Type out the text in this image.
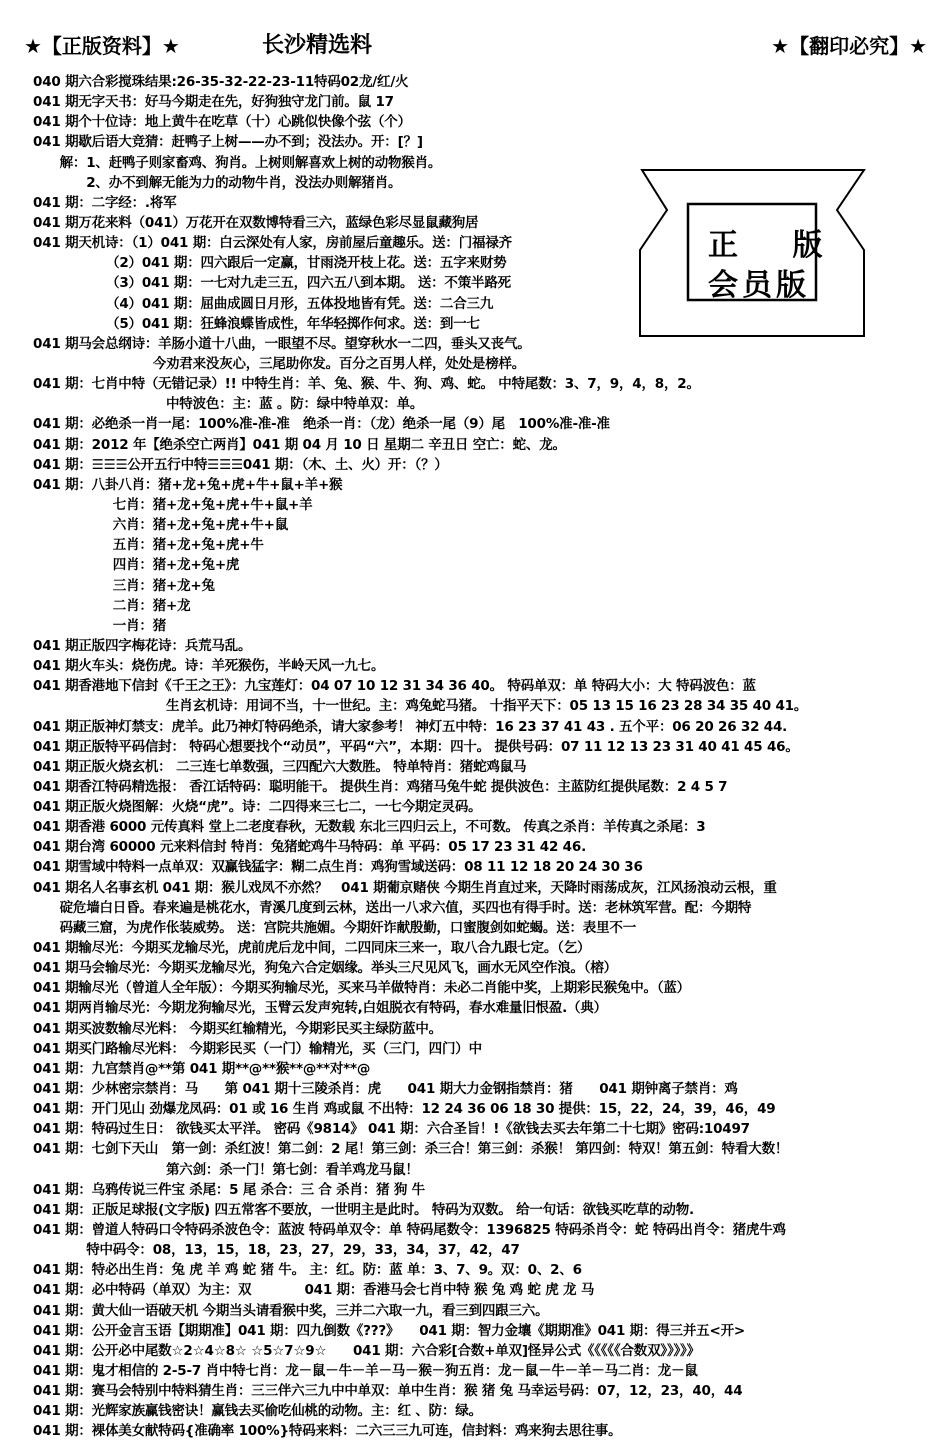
★【正版资料】★	长沙精选料	★【翻印必究】★
正 版
会员版
040 期六合彩搅珠结果:26-35-32-22-23-11特码02龙/红/火
041 期无字天书：好马今期走在先，好狗独守龙门前。鼠 17
041 期个十位诗：地上黄牛在吃草（十）心跳似快像个弦（个）
041 期歇后语大竞猜：赶鸭子上树——办不到；没法办。开：[？]
　　解：1、赶鸭子则家畜鸡、狗肖。上树则解喜欢上树的动物猴肖。
　　　　2、办不到解无能为力的动物牛肖，没法办则解猪肖。
041 期：二字经：.将军
041 期万花来料（041）万花开在双数博特看三六，蓝绿色彩尽显鼠藏狗居
041 期天机诗：（1）041 期：白云深处有人家，房前屋后童趣乐。送：门福禄齐
　　　　　　（2）041 期：四六跟后一定赢，甘雨浇开枝上花。送：五字来财势
　　　　　　（3）041 期：一七对九走三五，四六五八到本期。 送：不策半路死
　　　　　　（4）041 期：屈曲成圆日月形，五体投地皆有凭。送：二合三九
　　　　　　（5）041 期：狂蜂浪蝶皆成性，年华轻掷作何求。送：到一七
041 期马会总纲诗：羊肠小道十八曲，一眼望不尽。望穿秋水一二四，垂头又丧气。
　　　　　　　　　今劝君来没灰心，三尾助你发。百分之百男人样，处处是榜样。
041 期：七肖中特（无错记录）!! 中特生肖：羊、兔、猴、牛、狗、鸡、蛇。 中特尾数：3、7，9，4，8，2。
　　　　　　　　　　中特波色：主：蓝 。防：绿中特单双：单。
041 期：必绝杀一肖一尾：100%准-准-准　绝杀一肖：（龙）绝杀一尾（9）尾　100%准-准-准
041 期：2012 年【绝杀空亡两肖】041 期 04 月 10 日 星期二 辛丑日 空亡：蛇、龙。
041 期：☰☰☰公开五行中特☰☰☰041 期：（木、土、火）开：（？）
041 期：八卦八肖：猪+龙+兔+虎+牛+鼠+羊+猴
　　　　　　七肖：猪+龙+兔+虎+牛+鼠+羊
　　　　　　六肖：猪+龙+兔+虎+牛+鼠
　　　　　　五肖：猪+龙+兔+虎+牛
　　　　　　四肖：猪+龙+兔+虎
　　　　　　三肖：猪+龙+兔
　　　　　　二肖：猪+龙
　　　　　　一肖：猪
041 期正版四字梅花诗：兵荒马乱。
041 期火车头：烧伤虎。诗：羊死猴伤，半岭天风一九七。
041 期香港地下信封《千王之王》：九宝莲灯：04 07 10 12 31 34 36 40。 特码单双：单 特码大小：大 特码波色：蓝
　　　　　　　　　　生肖玄机诗：用词不当，十一世纪。主：鸡兔蛇马猪。 十指平天下：05 13 15 16 23 28 34 35 40 41。
041 期正版神灯禁支：虎羊。此乃神灯特码绝杀，请大家参考！ 神灯五中特：16 23 37 41 43 . 五个平：06 20 26 32 44.
041 期正版特平码信封： 特码心想要找个“动员”，平码“六”，本期：四十。 提供号码：07 11 12 13 23 31 40 41 45 46。
041 期正版火烧玄机： 二三连七单数强，三四配六大数胜。 特单特肖：猪蛇鸡鼠马
041 期香江特码精选报： 香江话特码：聪明能干。 提供生肖：鸡猪马兔牛蛇 提供波色：主蓝防红提供尾数：2 4 5 7
041 期正版火烧图解：火烧“虎”。诗：二四得来三七二，一七今期定灵码。
041 期香港 6000 元传真料 堂上二老度春秋，无数载 东北三四归云上，不可数。 传真之杀肖：羊传真之杀尾：3
041 期台湾 60000 元来料信封 特肖：兔猪蛇鸡牛马特码：单 平码：05 17 23 31 42 46.
041 期雪域中特料一点单双：双赢钱猛字：糊二点生肖：鸡狗雪域送码：08 11 12 18 20 24 30 36
041 期名人名事玄机 041 期：猴儿戏凤不亦然？　041 期葡京赌侠 今期生肖直过来，天降时雨荡成灰，江风扬浪动云根，重
　　碇危墙白日昏。春来遍是桃花水，青溪几度到云林，送出一八求六值，买四也有得手时。送：老林筑军营。配：今期特
　　码藏三窟，为虎作伥装威势。 送：宫院共施媚。今期奸诈献殷勤，口蜜腹剑如蛇蝎。送：表里不一
041 期输尽光：今期买龙输尽光，虎前虎后龙中间，二四同床三来一，取八合九跟七定。（乞）
041 期马会输尽光：今期买龙输尽光，狗兔六合定姻缘。举头三尺见风飞，画水无风空作浪。（榕）
041 期输尽光（曾道人全年版）：今期买狗输尽光，买来马羊做特肖：未必二肖能中奖，上期彩民猴兔中。（蓝）
041 期两肖输尽光：今期龙狗输尽光，玉臂云发声宛转,白姐脱衣有特码，春水难量旧恨盈.（典）
041 期买波数输尽光料： 今期买红输精光，今期彩民买主绿防蓝中。
041 期买门路输尽光料： 今期彩民买（一门）输精光，买（三门，四门）中
041 期：九宫禁肖@**第 041 期**@**猴**@**对**@
041 期：少林密宗禁肖：马　　第 041 期十三陵杀肖：虎　　041 期大力金钢指禁肖：猪　　041 期钟离子禁肖：鸡
041 期：开门见山 劲爆龙凤码：01 或 16 生肖 鸡或鼠 不出特：12 24 36 06 18 30 提供：15，22，24，39，46，49
041 期：特码过生日： 欲钱买太平洋。 密码《9814》 041 期：六合圣旨！!《欲钱去买去年第二十七期》密码:10497
041 期：七剑下天山　第一剑：杀红波！第二剑：2 尾！第三剑：杀三合！第三剑：杀猴！ 第四剑：特双！第五剑：特看大数！
　　　　　　　　　　第六剑：杀一门！第七剑：看羊鸡龙马鼠！
041 期：乌鸦传说三件宝 杀尾：5 尾 杀合：三 合 杀肖：猪 狗 牛
041 期：正版足球报(文字版) 四五常客不要放，一世明主是此时。 特码为双数。 给一句话：欲钱买吃草的动物.
041 期：曾道人特码口令特码杀波色令：蓝波 特码单双令：单 特码尾数令：1396825 特码杀肖令：蛇 特码出肖令：猪虎牛鸡
　　　　特中码令：08，13，15，18，23，27，29，33，34，37，42，47
041 期：特必出生肖：兔 虎 羊 鸡 蛇 猪 牛。 主：红。防：蓝 单：3、7、9。双：0、2、6
041 期：必中特码（单双）为主：双　　　　041 期：香港马会七肖中特 猴 兔 鸡 蛇 虎 龙 马
041 期：黄大仙一语破天机 今期当头请看猴中奖，三并二六取一九，看三到四跟三六。
041 期：公开金言玉语【期期准】041 期：四九倒数《???》　　041 期：智力金壤《期期准》041 期：得三并五<开>
041 期：公开必中尾数☆2☆4☆8☆ ☆5☆7☆9☆　　041 期：六合彩[合数+单双]怪异公式《《《《《合数双》》》》》
041 期：鬼才相信的 2-5-7 肖中特七肖：龙－鼠－牛－羊－马－猴－狗五肖：龙－鼠－牛－羊－马二肖：龙－鼠
041 期：赛马会特别中特料猜生肖：三三伴六三九中中单双：单中生肖：猴 猪 兔 马幸运号码：07，12，23，40，44
041 期：光辉家族赢钱密诀！赢钱去买偷吃仙桃的动物。主：红 、防：绿。
041 期：裸体美女献特码{准确率 100%}特码来料：二六三三九可连，信封料：鸡来狗去思往事。
